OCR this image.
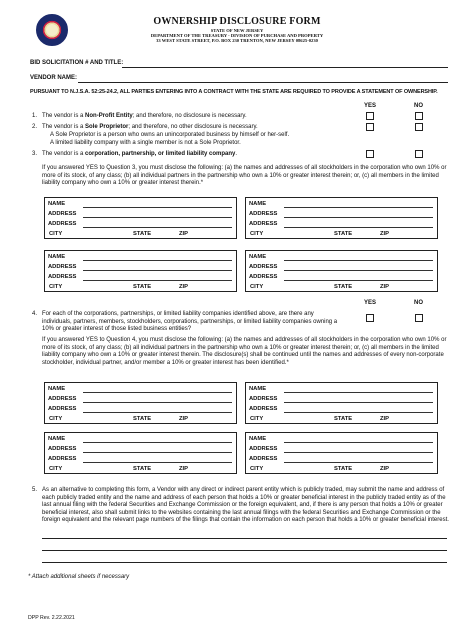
OWNERSHIP DISCLOSURE FORM
STATE OF NEW JERSEY
DEPARTMENT OF THE TREASURY - DIVISION OF PURCHASE AND PROPERTY
33 WEST STATE STREET, P.O. BOX 230 TRENTON, NEW JERSEY 08625-0230
BID SOLICITATION # AND TITLE:
VENDOR NAME:
PURSUANT TO N.J.S.A. 52:25-24.2, ALL PARTIES ENTERING INTO A CONTRACT WITH THE STATE ARE REQUIRED TO PROVIDE A STATEMENT OF OWNERSHIP.
YES	NO
1. The vendor is a Non-Profit Entity; and therefore, no disclosure is necessary.
2. The vendor is a Sole Proprietor; and therefore, no other disclosure is necessary.
A Sole Proprietor is a person who owns an unincorporated business by himself or her-self.
A limited liability company with a single member is not a Sole Proprietor.
3. The vendor is a corporation, partnership, or limited liability company.
If you answered YES to Question 3, you must disclose the following: (a) the names and addresses of all stockholders in the corporation who own 10% or more of its stock, of any class; (b) all individual partners in the partnership who own a 10% or greater interest therein; or, (c) all members in the limited liability company who own a 10% or greater interest therein.*
NAME
ADDRESS
ADDRESS
CITY	STATE	ZIP
NAME
ADDRESS
ADDRESS
CITY	STATE	ZIP
NAME
ADDRESS
ADDRESS
CITY	STATE	ZIP
NAME
ADDRESS
ADDRESS
CITY	STATE	ZIP
YES	NO
4. For each of the corporations, partnerships, or limited liability companies identified above, are there any individuals, partners, members, stockholders, corporations, partnerships, or limited liability companies owning a 10% or greater interest of those listed business entities?
If you answered YES to Question 4, you must disclose the following: (a) the names and addresses of all stockholders in the corporation who own 10% or more of its stock, of any class; (b) all individual partners in the partnership who own a 10% or greater interest therein; or, (c) all members in the limited liability company who own a 10% or greater interest therein. The disclosure(s) shall be continued until the names and addresses of every non-corporate stockholder, individual partner, and/or member a 10% or greater interest has been identified.*
NAME
ADDRESS
ADDRESS
CITY	STATE	ZIP
NAME
ADDRESS
ADDRESS
CITY	STATE	ZIP
NAME
ADDRESS
ADDRESS
CITY	STATE	ZIP
NAME
ADDRESS
ADDRESS
CITY	STATE	ZIP
5. As an alternative to completing this form, a Vendor with any direct or indirect parent entity which is publicly traded, may submit the name and address of each publicly traded entity and the name and address of each person that holds a 10% or greater beneficial interest in the publicly traded entity as of the last annual filing with the federal Securities and Exchange Commission or the foreign equivalent, and, if there is any person that holds a 10% or greater beneficial interest, also shall submit links to the websites containing the last annual filings with the federal Securities and Exchange Commission or the foreign equivalent and the relevant page numbers of the filings that contain the information on each person that holds a 10% or greater beneficial interest.
* Attach additional sheets if necessary
DPP Rev. 2.22.2021
